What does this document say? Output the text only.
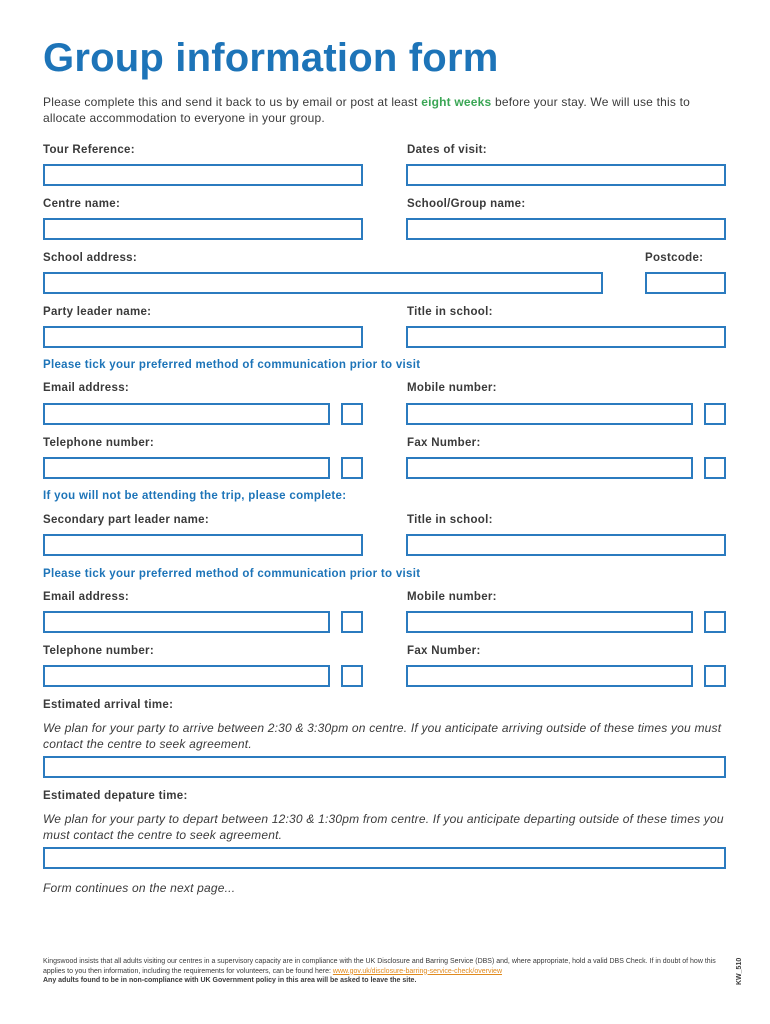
Group information form
Please complete this and send it back to us by email or post at least eight weeks before your stay. We will use this to allocate accommodation to everyone in your group.
Tour Reference:	Dates of visit:
Centre name:	School/Group name:
School address:	Postcode:
Party leader name:	Title in school:
Please tick your preferred method of communication prior to visit
Email address:	Mobile number:
Telephone number:	Fax Number:
If you will not be attending the trip, please complete:
Secondary part leader name:	Title in school:
Please tick your preferred method of communication prior to visit
Email address:	Mobile number:
Telephone number:	Fax Number:
Estimated arrival time:
We plan for your party to arrive between 2:30 & 3:30pm on centre. If you anticipate arriving outside of these times you must contact the centre to seek agreement.
Estimated depature time:
We plan for your party to depart between 12:30 & 1:30pm from centre. If you anticipate departing outside of these times you must contact the centre to seek agreement.
Form continues on the next page...
Kingswood insists that all adults visiting our centres in a supervisory capacity are in compliance with the UK Disclosure and Barring Service (DBS) and, where appropriate, hold a valid DBS Check. If in doubt of how this applies to you then information, including the requirements for volunteers, can be found here: www.gov.uk/disclosure-barring-service-check/overview
Any adults found to be in non-compliance with UK Government policy in this area will be asked to leave the site.	KW_510
